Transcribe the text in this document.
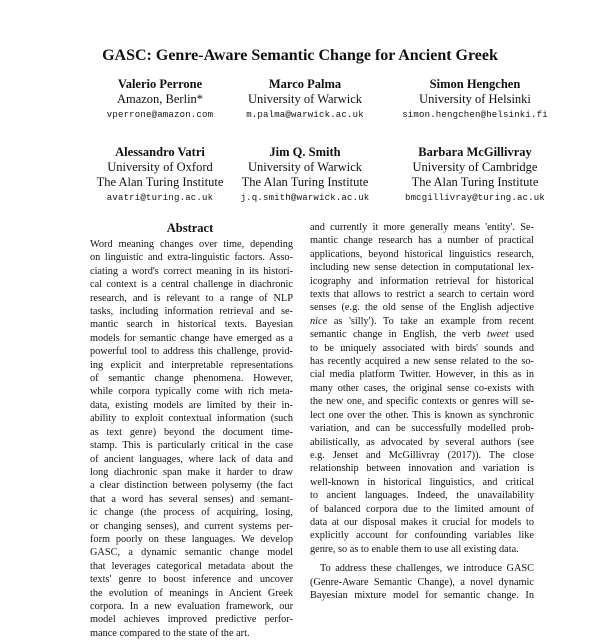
GASC: Genre-Aware Semantic Change for Ancient Greek
Valerio Perrone
Amazon, Berlin*
vperrone@amazon.com
Marco Palma
University of Warwick
m.palma@warwick.ac.uk
Simon Hengchen
University of Helsinki
simon.hengchen@helsinki.fi
Alessandro Vatri
University of Oxford
The Alan Turing Institute
avatri@turing.ac.uk
Jim Q. Smith
University of Warwick
The Alan Turing Institute
j.q.smith@warwick.ac.uk
Barbara McGillivray
University of Cambridge
The Alan Turing Institute
bmcgillivray@turing.ac.uk
Abstract
Word meaning changes over time, depending
on linguistic and extra-linguistic factors. Asso-
ciating a word's correct meaning in its histori-
cal context is a central challenge in diachronic
research, and is relevant to a range of NLP
tasks, including information retrieval and se-
mantic search in historical texts. Bayesian
models for semantic change have emerged as a
powerful tool to address this challenge, provid-
ing explicit and interpretable representations
of semantic change phenomena. However,
while corpora typically come with rich meta-
data, existing models are limited by their in-
ability to exploit contextual information (such
as text genre) beyond the document time-
stamp. This is particularly critical in the case
of ancient languages, where lack of data and
long diachronic span make it harder to draw
a clear distinction between polysemy (the fact
that a word has several senses) and semant-
ic change (the process of acquiring, losing,
or changing senses), and current systems per-
form poorly on these languages. We develop
GASC, a dynamic semantic change model
that leverages categorical metadata about the
texts' genre to boost inference and uncover
the evolution of meanings in Ancient Greek
corpora. In a new evaluation framework, our
model achieves improved predictive perfor-
mance compared to the state of the art.
and currently it more generally means 'entity'. Se-
mantic change research has a number of practical
applications, beyond historical linguistics research,
including new sense detection in computational lex-
icography and information retrieval for historical
texts that allows to restrict a search to certain word
senses (e.g. the old sense of the English adjective
nice as 'silly'). To take an example from recent
semantic change in English, the verb tweet used
to be uniquely associated with birds' sounds and
has recently acquired a new sense related to the so-
cial media platform Twitter. However, in this as in
many other cases, the original sense co-exists with
the new one, and specific contexts or genres will se-
lect one over the other. This is known as synchronic
variation, and can be successfully modelled prob-
abilistically, as advocated by several authors (see
e.g. Jenset and McGillivray (2017)). The close
relationship between innovation and variation is
well-known in historical linguistics, and critical
to ancient languages. Indeed, the unavailability
of balanced corpora due to the limited amount of
data at our disposal makes it crucial for models to
explicitly account for confounding variables like
genre, so as to enable them to use all existing data.
To address these challenges, we introduce GASC
(Genre-Aware Semantic Change), a novel dynamic
Bayesian mixture model for semantic change. In
